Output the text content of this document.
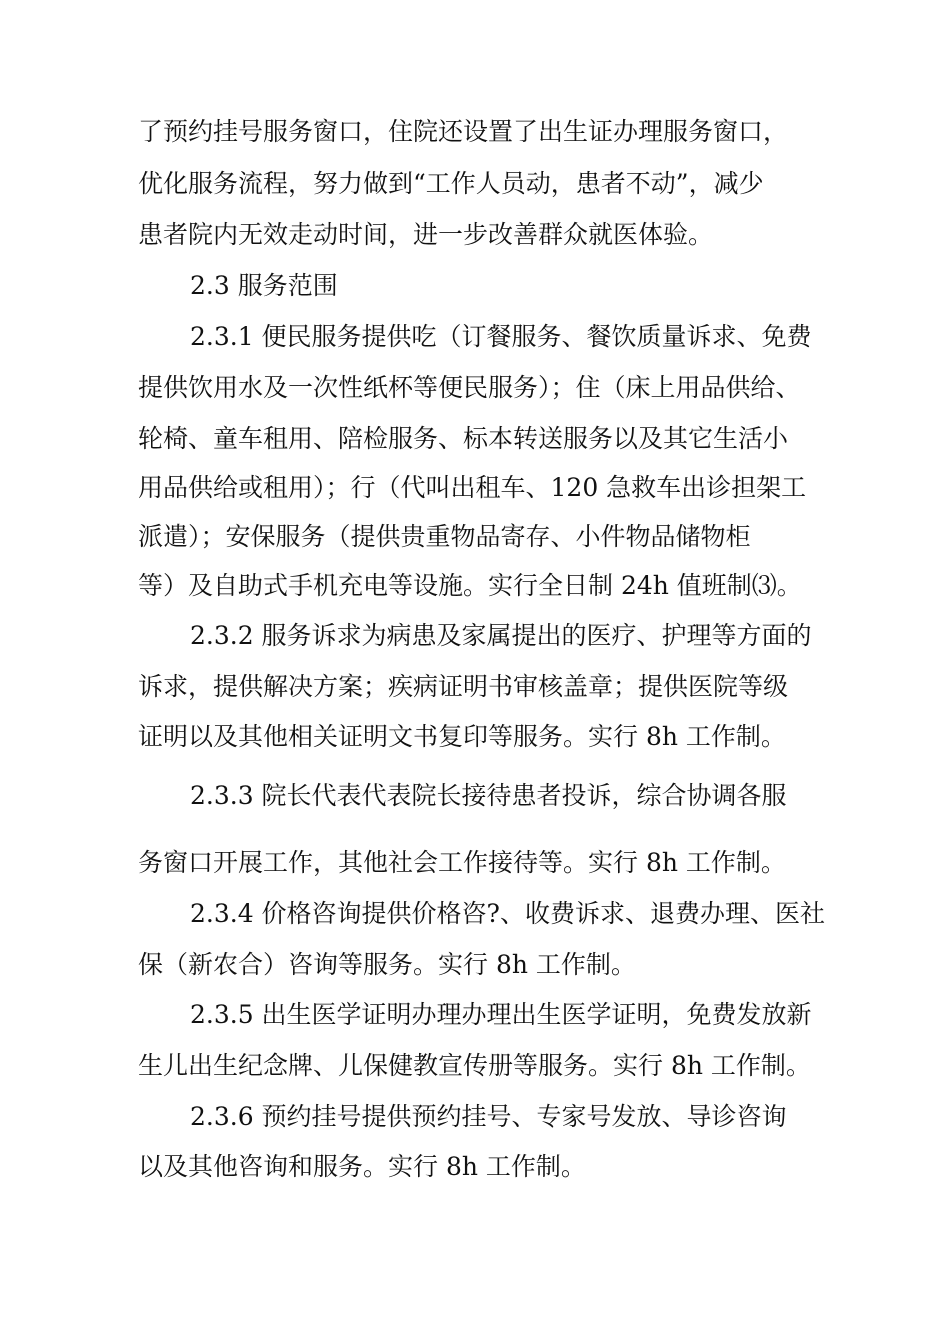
了预约挂号服务窗口，住院还设置了出生证办理服务窗口，
优化服务流程，努力做到“工作人员动，患者不动”，减少
患者院内无效走动时间，进一步改善群众就医体验。
2.3 服务范围
2.3.1 便民服务提供吃（订餐服务、餐饮质量诉求、免费
提供饮用水及一次性纸杯等便民服务）；住（床上用品供给、
轮椅、童车租用、陪检服务、标本转送服务以及其它生活小
用品供给或租用）；行（代叫出租车、120 急救车出诊担架工
派遣）；安保服务（提供贵重物品寄存、小件物品储物柜
等）及自助式手机充电等设施。实行全日制 24h 值班制⑶。
2.3.2 服务诉求为病患及家属提出的医疗、护理等方面的
诉求，提供解决方案；疾病证明书审核盖章；提供医院等级
证明以及其他相关证明文书复印等服务。实行 8h 工作制。
2.3.3 院长代表代表院长接待患者投诉，综合协调各服
务窗口开展工作，其他社会工作接待等。实行 8h 工作制。
2.3.4 价格咨询提供价格咨?、收费诉求、退费办理、医社
保（新农合）咨询等服务。实行 8h 工作制。
2.3.5 出生医学证明办理办理出生医学证明，免费发放新
生儿出生纪念牌、儿保健教宣传册等服务。实行 8h 工作制。
2.3.6 预约挂号提供预约挂号、专家号发放、导诊咨询
以及其他咨询和服务。实行 8h 工作制。
